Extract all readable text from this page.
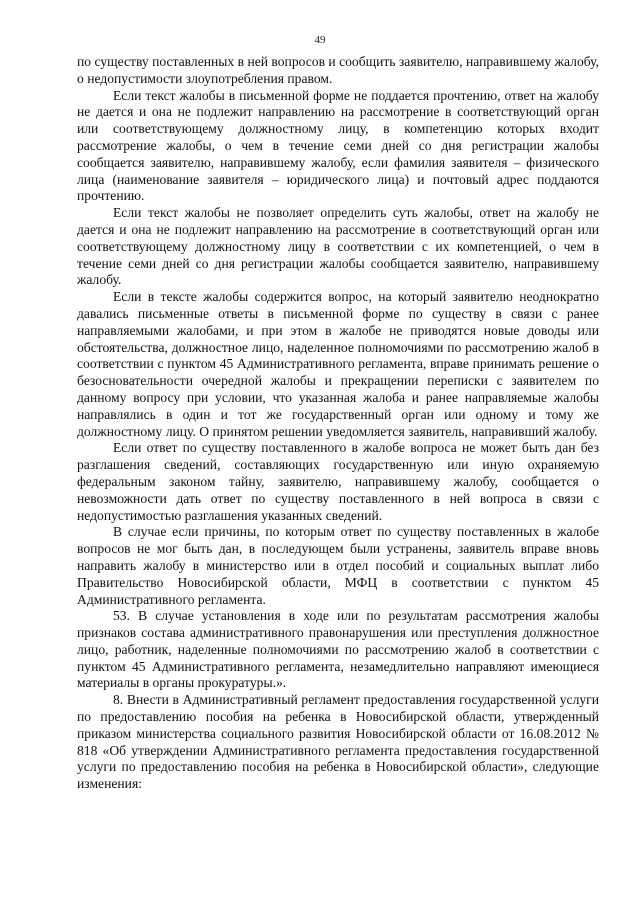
49

по существу поставленных в ней вопросов и сообщить заявителю, направившему жалобу, о недопустимости злоупотребления правом.

Если текст жалобы в письменной форме не поддается прочтению, ответ на жалобу не дается и она не подлежит направлению на рассмотрение в соответствующий орган или соответствующему должностному лицу, в компетенцию которых входит рассмотрение жалобы, о чем в течение семи дней со дня регистрации жалобы сообщается заявителю, направившему жалобу, если фамилия заявителя – физического лица (наименование заявителя – юридического лица) и почтовый адрес поддаются прочтению.

Если текст жалобы не позволяет определить суть жалобы, ответ на жалобу не дается и она не подлежит направлению на рассмотрение в соответствующий орган или соответствующему должностному лицу в соответствии с их компетенцией, о чем в течение семи дней со дня регистрации жалобы сообщается заявителю, направившему жалобу.

Если в тексте жалобы содержится вопрос, на который заявителю неоднократно давались письменные ответы в письменной форме по существу в связи с ранее направляемыми жалобами, и при этом в жалобе не приводятся новые доводы или обстоятельства, должностное лицо, наделенное полномочиями по рассмотрению жалоб в соответствии с пунктом 45 Административного регламента, вправе принимать решение о безосновательности очередной жалобы и прекращении переписки с заявителем по данному вопросу при условии, что указанная жалоба и ранее направляемые жалобы направлялись в один и тот же государственный орган или одному и тому же должностному лицу. О принятом решении уведомляется заявитель, направивший жалобу.

Если ответ по существу поставленного в жалобе вопроса не может быть дан без разглашения сведений, составляющих государственную или иную охраняемую федеральным законом тайну, заявителю, направившему жалобу, сообщается о невозможности дать ответ по существу поставленного в ней вопроса в связи с недопустимостью разглашения указанных сведений.

В случае если причины, по которым ответ по существу поставленных в жалобе вопросов не мог быть дан, в последующем были устранены, заявитель вправе вновь направить жалобу в министерство или в отдел пособий и социальных выплат либо Правительство Новосибирской области, МФЦ в соответствии с пунктом 45 Административного регламента.

53. В случае установления в ходе или по результатам рассмотрения жалобы признаков состава административного правонарушения или преступления должностное лицо, работник, наделенные полномочиями по рассмотрению жалоб в соответствии с пунктом 45 Административного регламента, незамедлительно направляют имеющиеся материалы в органы прокуратуры.».

8. Внести в Административный регламент предоставления государственной услуги по предоставлению пособия на ребенка в Новосибирской области, утвержденный приказом министерства социального развития Новосибирской области от 16.08.2012 № 818 «Об утверждении Административного регламента предоставления государственной услуги по предоставлению пособия на ребенка в Новосибирской области», следующие изменения:
